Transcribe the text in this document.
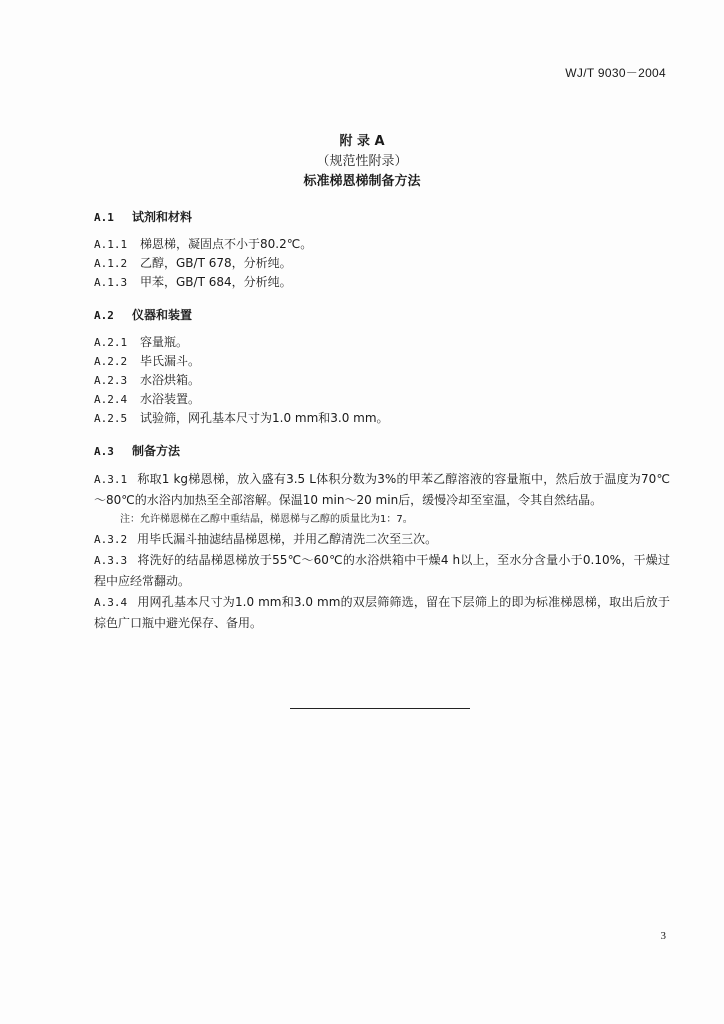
WJ/T 9030－2004
附 录 A
（规范性附录）
标准梯恩梯制备方法
A.1 试剂和材料
A.1.1 梯恩梯，凝固点不小于80.2℃。
A.1.2 乙醇，GB/T 678，分析纯。
A.1.3 甲苯，GB/T 684，分析纯。
A.2 仪器和装置
A.2.1 容量瓶。
A.2.2 毕氏漏斗。
A.2.3 水浴烘箱。
A.2.4 水浴装置。
A.2.5 试验筛，网孔基本尺寸为1.0 mm和3.0 mm。
A.3 制备方法
A.3.1 称取1 kg梯恩梯，放入盛有3.5 L体积分数为3%的甲苯乙醇溶液的容量瓶中，然后放于温度为70℃～80℃的水浴内加热至全部溶解。保温10 min～20 min后，缓慢冷却至室温，令其自然结晶。
注：允许梯恩梯在乙醇中重结晶，梯恩梯与乙醇的质量比为1：7。
A.3.2 用毕氏漏斗抽滤结晶梯恩梯，并用乙醇清洗二次至三次。
A.3.3 将洗好的结晶梯恩梯放于55℃～60℃的水浴烘箱中干燥4 h以上，至水分含量小于0.10%，干燥过程中应经常翻动。
A.3.4 用网孔基本尺寸为1.0 mm和3.0 mm的双层筛筛选，留在下层筛上的即为标准梯恩梯，取出后放于棕色广口瓶中避光保存、备用。
3
